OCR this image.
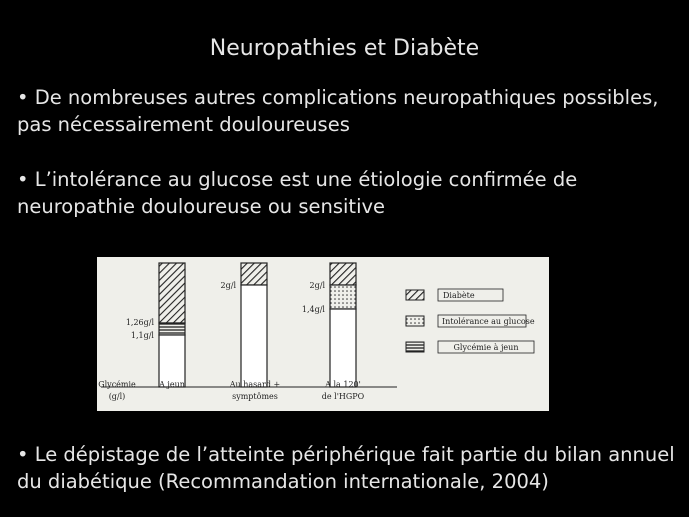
Neuropathies et Diabète
• De nombreuses autres complications neuropathiques possibles, pas nécessairement douloureuses
• L’intolérance au glucose est une étiologie confirmée de neuropathie douloureuse ou sensitive
1,26g/l
1,1g/l
2g/l	2g/l
1,4g/l
Glycémie
(g/l)
A jeun	Au hasard +
symptômes
A la 120'
de l'HGPO
Diabète
Intolérance au glucose
Glycémie à jeun
• Le dépistage de l’atteinte périphérique fait partie du bilan annuel du diabétique (Recommandation internationale, 2004)
